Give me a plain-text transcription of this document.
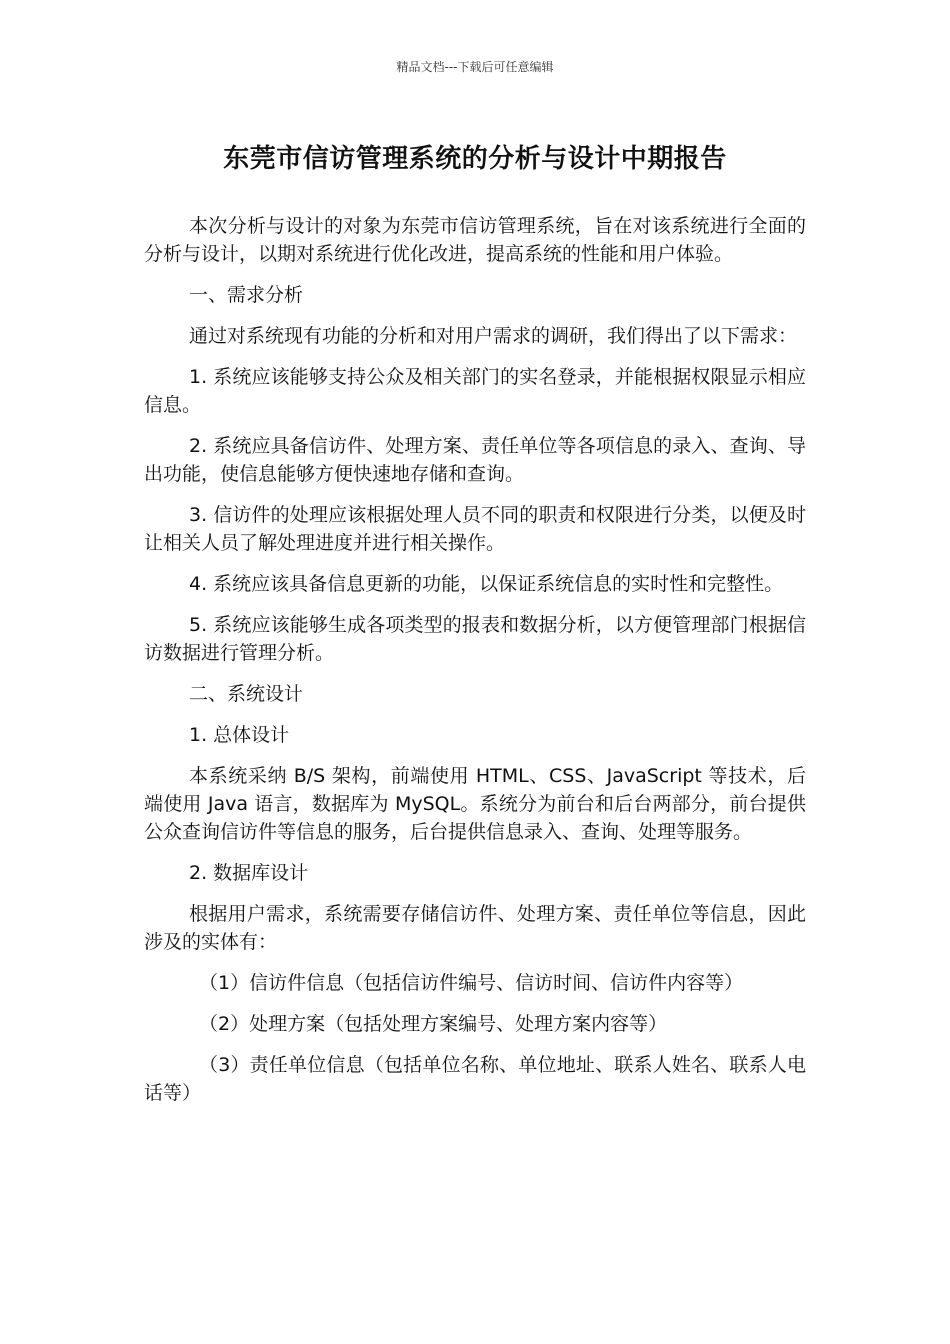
精品文档---下载后可任意编辑
东莞市信访管理系统的分析与设计中期报告

本次分析与设计的对象为东莞市信访管理系统，旨在对该系统进行全面的分析与设计，以期对系统进行优化改进，提高系统的性能和用户体验。

一、需求分析

通过对系统现有功能的分析和对用户需求的调研，我们得出了以下需求：

1. 系统应该能够支持公众及相关部门的实名登录，并能根据权限显示相应信息。

2. 系统应具备信访件、处理方案、责任单位等各项信息的录入、查询、导出功能，使信息能够方便快速地存储和查询。

3. 信访件的处理应该根据处理人员不同的职责和权限进行分类，以便及时让相关人员了解处理进度并进行相关操作。

4. 系统应该具备信息更新的功能，以保证系统信息的实时性和完整性。

5. 系统应该能够生成各项类型的报表和数据分析，以方便管理部门根据信访数据进行管理分析。

二、系统设计

1. 总体设计

本系统采纳 B/S 架构，前端使用 HTML、CSS、JavaScript 等技术，后端使用 Java 语言，数据库为 MySQL。系统分为前台和后台两部分，前台提供公众查询信访件等信息的服务，后台提供信息录入、查询、处理等服务。

2. 数据库设计

根据用户需求，系统需要存储信访件、处理方案、责任单位等信息，因此涉及的实体有：

（1）信访件信息（包括信访件编号、信访时间、信访件内容等）

（2）处理方案（包括处理方案编号、处理方案内容等）

（3）责任单位信息（包括单位名称、单位地址、联系人姓名、联系人电话等）
